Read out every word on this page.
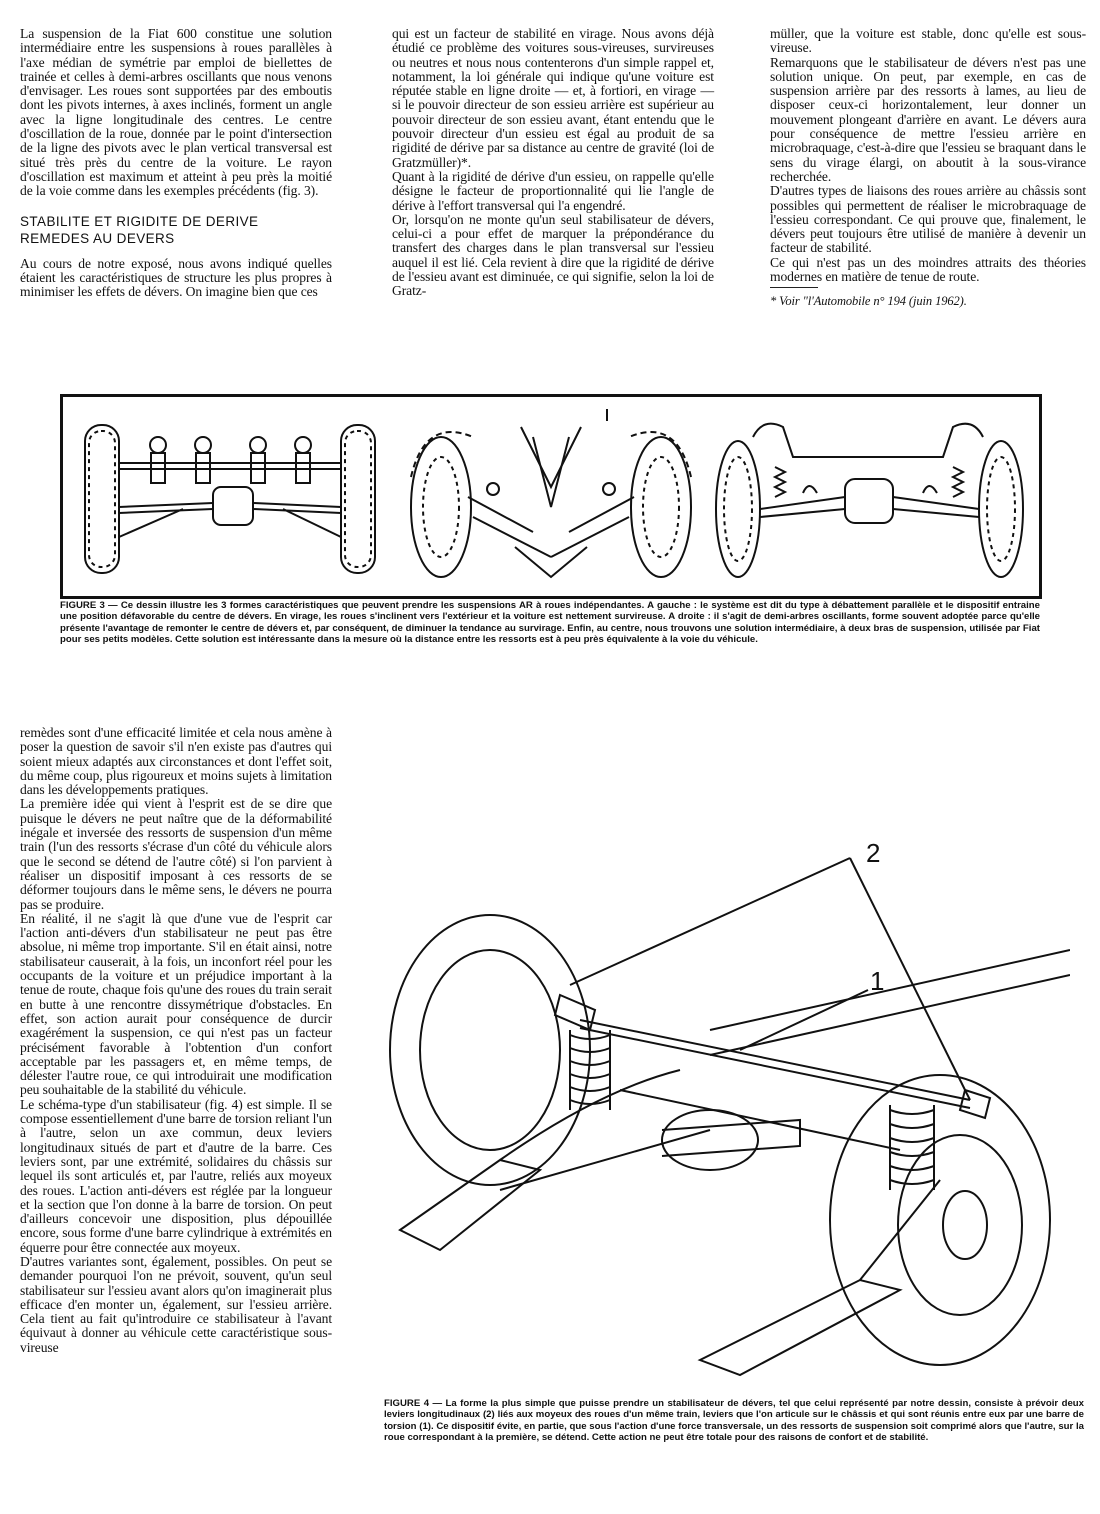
La suspension de la Fiat 600 constitue une solution intermédiaire entre les suspensions à roues parallèles à l'axe médian de symétrie par emploi de biellettes de trainée et celles à demi-arbres oscillants que nous venons d'envisager. Les roues sont supportées par des emboutis dont les pivots internes, à axes inclinés, forment un angle avec la ligne longitudinale des centres. Le centre d'oscillation de la roue, donnée par le point d'intersection de la ligne des pivots avec le plan vertical transversal est situé très près du centre de la voiture. Le rayon d'oscillation est maximum et atteint à peu près la moitié de la voie comme dans les exemples précédents (fig. 3).

STABILITE ET RIGIDITE DE DERIVE
REMEDES AU DEVERS

Au cours de notre exposé, nous avons indiqué quelles étaient les caractéristiques de structure les plus propres à minimiser les effets de dévers. On imagine bien que ces

qui est un facteur de stabilité en virage. Nous avons déjà étudié ce problème des voitures sous-vireuses, survireuses ou neutres et nous nous contenterons d'un simple rappel et, notamment, la loi générale qui indique qu'une voiture est réputée stable en ligne droite — et, à fortiori, en virage — si le pouvoir directeur de son essieu arrière est supérieur au pouvoir directeur de son essieu avant, étant entendu que le pouvoir directeur d'un essieu est égal au produit de sa rigidité de dérive par sa distance au centre de gravité (loi de Gratzmüller)*.

Quant à la rigidité de dérive d'un essieu, on rappelle qu'elle désigne le facteur de proportionnalité qui lie l'angle de dérive à l'effort transversal qui l'a engendré.

Or, lorsqu'on ne monte qu'un seul stabilisateur de dévers, celui-ci a pour effet de marquer la prépondérance du transfert des charges dans le plan transversal sur l'essieu auquel il est lié. Cela revient à dire que la rigidité de dérive de l'essieu avant est diminuée, ce qui signifie, selon la loi de Gratz-

müller, que la voiture est stable, donc qu'elle est sous-vireuse.

Remarquons que le stabilisateur de dévers n'est pas une solution unique. On peut, par exemple, en cas de suspension arrière par des ressorts à lames, au lieu de disposer ceux-ci horizontalement, leur donner un mouvement plongeant d'arrière en avant. Le dévers aura pour conséquence de mettre l'essieu arrière en microbraquage, c'est-à-dire que l'essieu se braquant dans le sens du virage élargi, on aboutit à la sous-virance recherchée.

D'autres types de liaisons des roues arrière au châssis sont possibles qui permettent de réaliser le microbraquage de l'essieu correspondant. Ce qui prouve que, finalement, le dévers peut toujours être utilisé de manière à devenir un facteur de stabilité.

Ce qui n'est pas un des moindres attraits des théories modernes en matière de tenue de route.

* Voir "l'Automobile n° 194 (juin 1962).

FIGURE 3 — Ce dessin illustre les 3 formes caractéristiques que peuvent prendre les suspensions AR à roues indépendantes. A gauche : le système est dit du type à débattement parallèle et le dispositif entraine une position défavorable du centre de dévers. En virage, les roues s'inclinent vers l'extérieur et la voiture est nettement survireuse. A droite : il s'agit de demi-arbres oscillants, forme souvent adoptée parce qu'elle présente l'avantage de remonter le centre de dévers et, par conséquent, de diminuer la tendance au survirage. Enfin, au centre, nous trouvons une solution intermédiaire, à deux bras de suspension, utilisée par Fiat pour ses petits modèles. Cette solution est intéressante dans la mesure où la distance entre les ressorts est à peu près équivalente à la voie du véhicule.

remèdes sont d'une efficacité limitée et cela nous amène à poser la question de savoir s'il n'en existe pas d'autres qui soient mieux adaptés aux circonstances et dont l'effet soit, du même coup, plus rigoureux et moins sujets à limitation dans les développements pratiques.

La première idée qui vient à l'esprit est de se dire que puisque le dévers ne peut naître que de la déformabilité inégale et inversée des ressorts de suspension d'un même train (l'un des ressorts s'écrase d'un côté du véhicule alors que le second se détend de l'autre côté) si l'on parvient à réaliser un dispositif imposant à ces ressorts de se déformer toujours dans le même sens, le dévers ne pourra pas se produire.

En réalité, il ne s'agit là que d'une vue de l'esprit car l'action anti-dévers d'un stabilisateur ne peut pas être absolue, ni même trop importante. S'il en était ainsi, notre stabilisateur causerait, à la fois, un inconfort réel pour les occupants de la voiture et un préjudice important à la tenue de route, chaque fois qu'une des roues du train serait en butte à une rencontre dissymétrique d'obstacles. En effet, son action aurait pour conséquence de durcir exagérément la suspension, ce qui n'est pas un facteur précisément favorable à l'obtention d'un confort acceptable par les passagers et, en même temps, de délester l'autre roue, ce qui introduirait une modification peu souhaitable de la stabilité du véhicule.

Le schéma-type d'un stabilisateur (fig. 4) est simple. Il se compose essentiellement d'une barre de torsion reliant l'un à l'autre, selon un axe commun, deux leviers longitudinaux situés de part et d'autre de la barre. Ces leviers sont, par une extrémité, solidaires du châssis sur lequel ils sont articulés et, par l'autre, reliés aux moyeux des roues. L'action anti-dévers est réglée par la longueur et la section que l'on donne à la barre de torsion. On peut d'ailleurs concevoir une disposition, plus dépouillée encore, sous forme d'une barre cylindrique à extrémités en équerre pour être connectée aux moyeux.

D'autres variantes sont, également, possibles. On peut se demander pourquoi l'on ne prévoit, souvent, qu'un seul stabilisateur sur l'essieu avant alors qu'on imaginerait plus efficace d'en monter un, également, sur l'essieu arrière. Cela tient au fait qu'introduire ce stabilisateur à l'avant équivaut à donner au véhicule cette caractéristique sous-vireuse

2
1
FIGURE 4 — La forme la plus simple que puisse prendre un stabilisateur de dévers, tel que celui représenté par notre dessin, consiste à prévoir deux leviers longitudinaux (2) liés aux moyeux des roues d'un même train, leviers que l'on articule sur le châssis et qui sont réunis entre eux par une barre de torsion (1). Ce dispositif évite, en partie, que sous l'action d'une force transversale, un des ressorts de suspension soit comprimé alors que l'autre, sur la roue correspondant à la première, se détend. Cette action ne peut être totale pour des raisons de confort et de stabilité.
